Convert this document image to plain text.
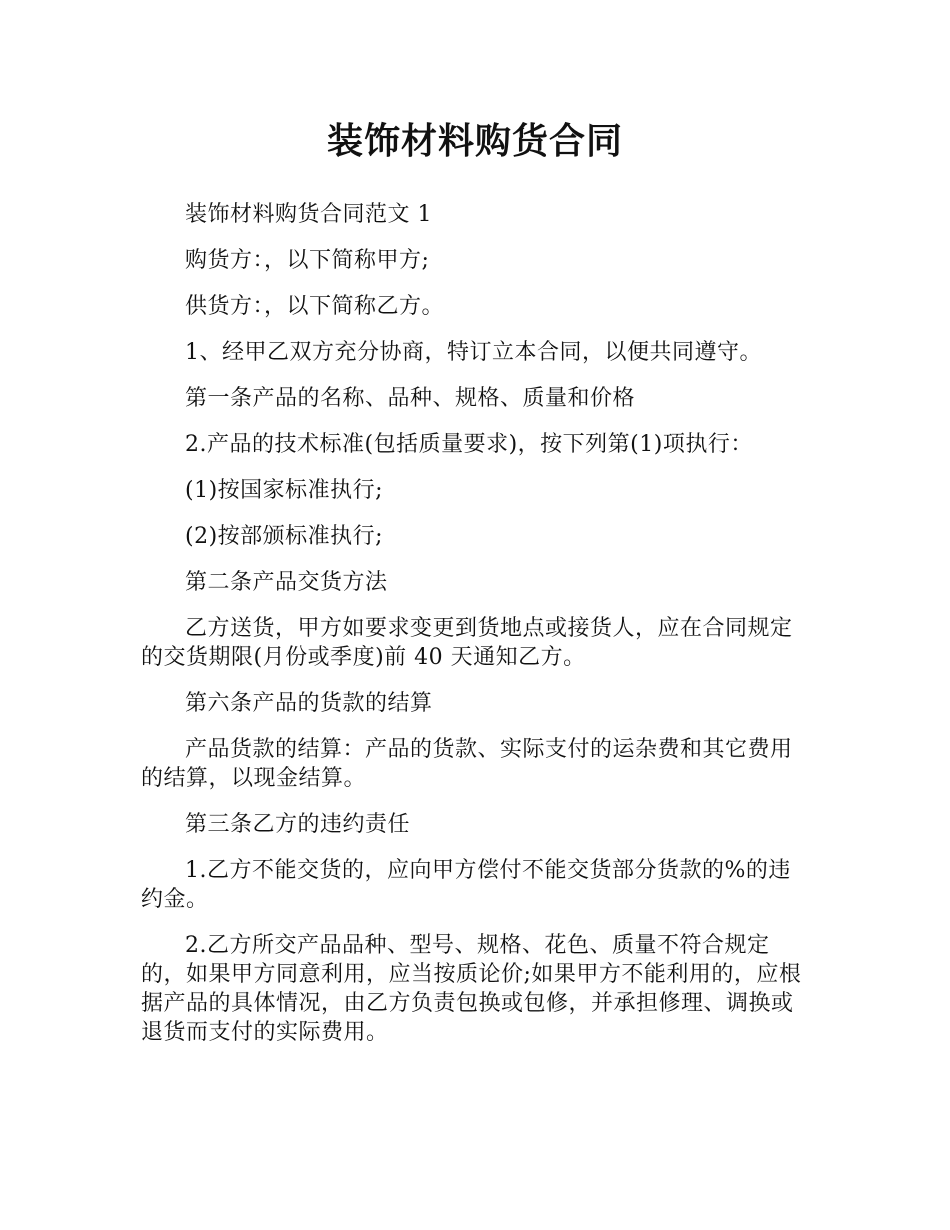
装饰材料购货合同

装饰材料购货合同范文 1

购货方：，以下简称甲方;

供货方：，以下简称乙方。

1、经甲乙双方充分协商，特订立本合同，以便共同遵守。

第一条产品的名称、品种、规格、质量和价格

2.产品的技术标准(包括质量要求)，按下列第(1)项执行：

(1)按国家标准执行;

(2)按部颁标准执行;

第二条产品交货方法

乙方送货，甲方如要求变更到货地点或接货人，应在合同规定的交货期限(月份或季度)前 40 天通知乙方。

第六条产品的货款的结算

产品货款的结算：产品的货款、实际支付的运杂费和其它费用的结算，以现金结算。

第三条乙方的违约责任

1.乙方不能交货的，应向甲方偿付不能交货部分货款的%的违约金。

2.乙方所交产品品种、型号、规格、花色、质量不符合规定的，如果甲方同意利用，应当按质论价;如果甲方不能利用的，应根据产品的具体情况，由乙方负责包换或包修，并承担修理、调换或退货而支付的实际费用。
